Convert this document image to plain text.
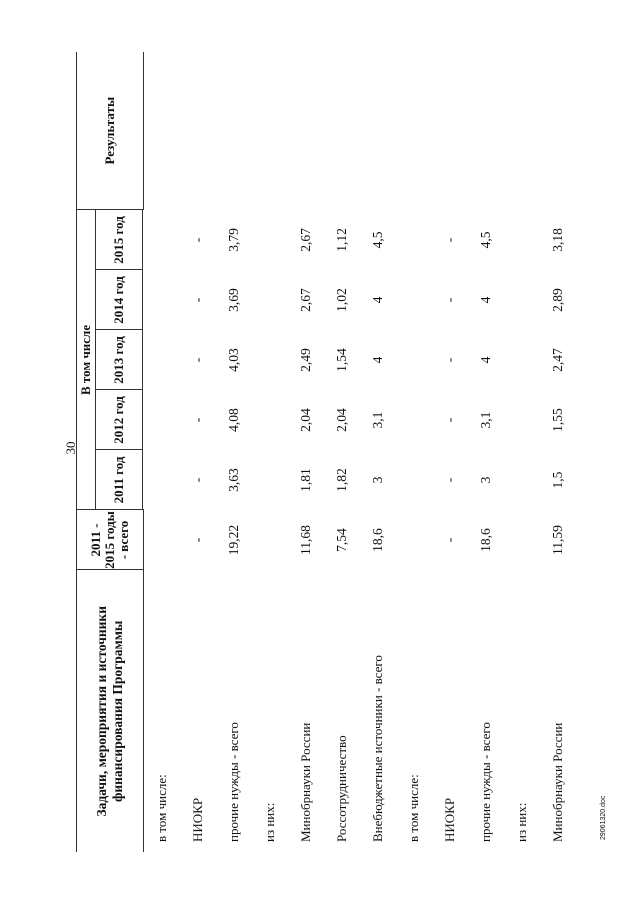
30
Задачи, мероприятия и источники финансирования Программы	2011 - 2015 годы - всего	В том числе					Результаты
		2011 год	2012 год	2013 год	2014 год	2015 год	

в том числе:							
НИОКР	-	-	-	-	-	-	
прочие нужды - всего	19,22	3,63	4,08	4,03	3,69	3,79	
из них:							
Минобрнауки России	11,68	1,81	2,04	2,49	2,67	2,67	
Россотрудничество	7,54	1,82	2,04	1,54	1,02	1,12	
Внебюджетные источники - всего	18,6	3	3,1	4	4	4,5	
в том числе:							
НИОКР	-	-	-	-	-	-	
прочие нужды - всего	18,6	3	3,1	4	4	4,5	
из них:							
Минобрнауки России	11,59	1,5	1,55	2,47	2,89	3,18	
29061320.doc
